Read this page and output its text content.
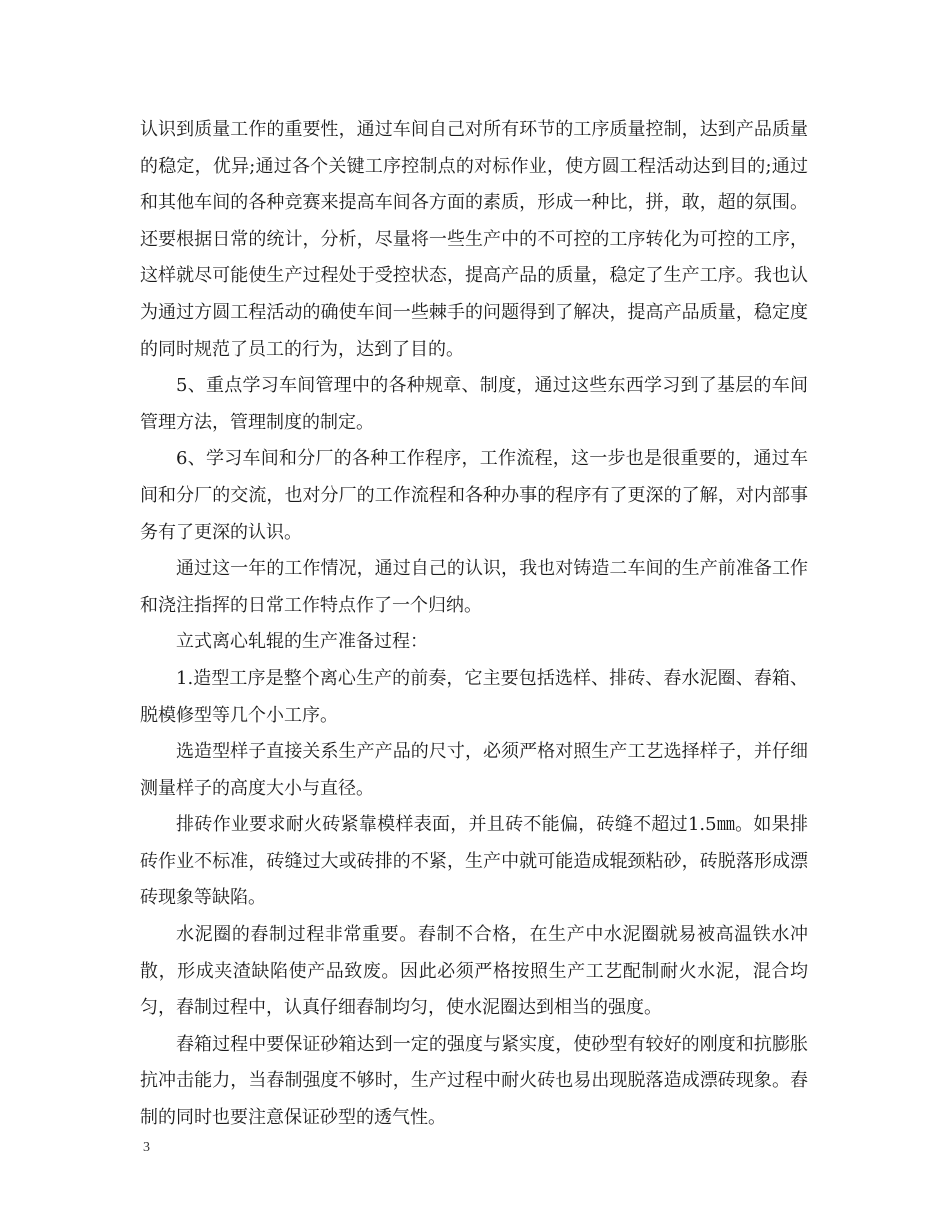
认识到质量工作的重要性，通过车间自己对所有环节的工序质量控制，达到产品质量的稳定，优异;通过各个关键工序控制点的对标作业，使方圆工程活动达到目的;通过和其他车间的各种竞赛来提高车间各方面的素质，形成一种比，拼，敢，超的氛围。还要根据日常的统计，分析，尽量将一些生产中的不可控的工序转化为可控的工序，这样就尽可能使生产过程处于受控状态，提高产品的质量，稳定了生产工序。我也认为通过方圆工程活动的确使车间一些棘手的问题得到了解决，提高产品质量，稳定度的同时规范了员工的行为，达到了目的。

5、重点学习车间管理中的各种规章、制度，通过这些东西学习到了基层的车间管理方法，管理制度的制定。

6、学习车间和分厂的各种工作程序，工作流程，这一步也是很重要的，通过车间和分厂的交流，也对分厂的工作流程和各种办事的程序有了更深的了解，对内部事务有了更深的认识。

通过这一年的工作情况，通过自己的认识，我也对铸造二车间的生产前准备工作和浇注指挥的日常工作特点作了一个归纳。

立式离心轧辊的生产准备过程：

1.造型工序是整个离心生产的前奏，它主要包括选样、排砖、舂水泥圈、舂箱、脱模修型等几个小工序。

选造型样子直接关系生产产品的尺寸，必须严格对照生产工艺选择样子，并仔细测量样子的高度大小与直径。

排砖作业要求耐火砖紧靠模样表面，并且砖不能偏，砖缝不超过1.5㎜。如果排砖作业不标准，砖缝过大或砖排的不紧，生产中就可能造成辊颈粘砂，砖脱落形成漂砖现象等缺陷。

水泥圈的舂制过程非常重要。舂制不合格，在生产中水泥圈就易被高温铁水冲散，形成夹渣缺陷使产品致废。因此必须严格按照生产工艺配制耐火水泥，混合均匀，舂制过程中，认真仔细舂制均匀，使水泥圈达到相当的强度。

舂箱过程中要保证砂箱达到一定的强度与紧实度，使砂型有较好的刚度和抗膨胀抗冲击能力，当舂制强度不够时，生产过程中耐火砖也易出现脱落造成漂砖现象。舂制的同时也要注意保证砂型的透气性。

3
